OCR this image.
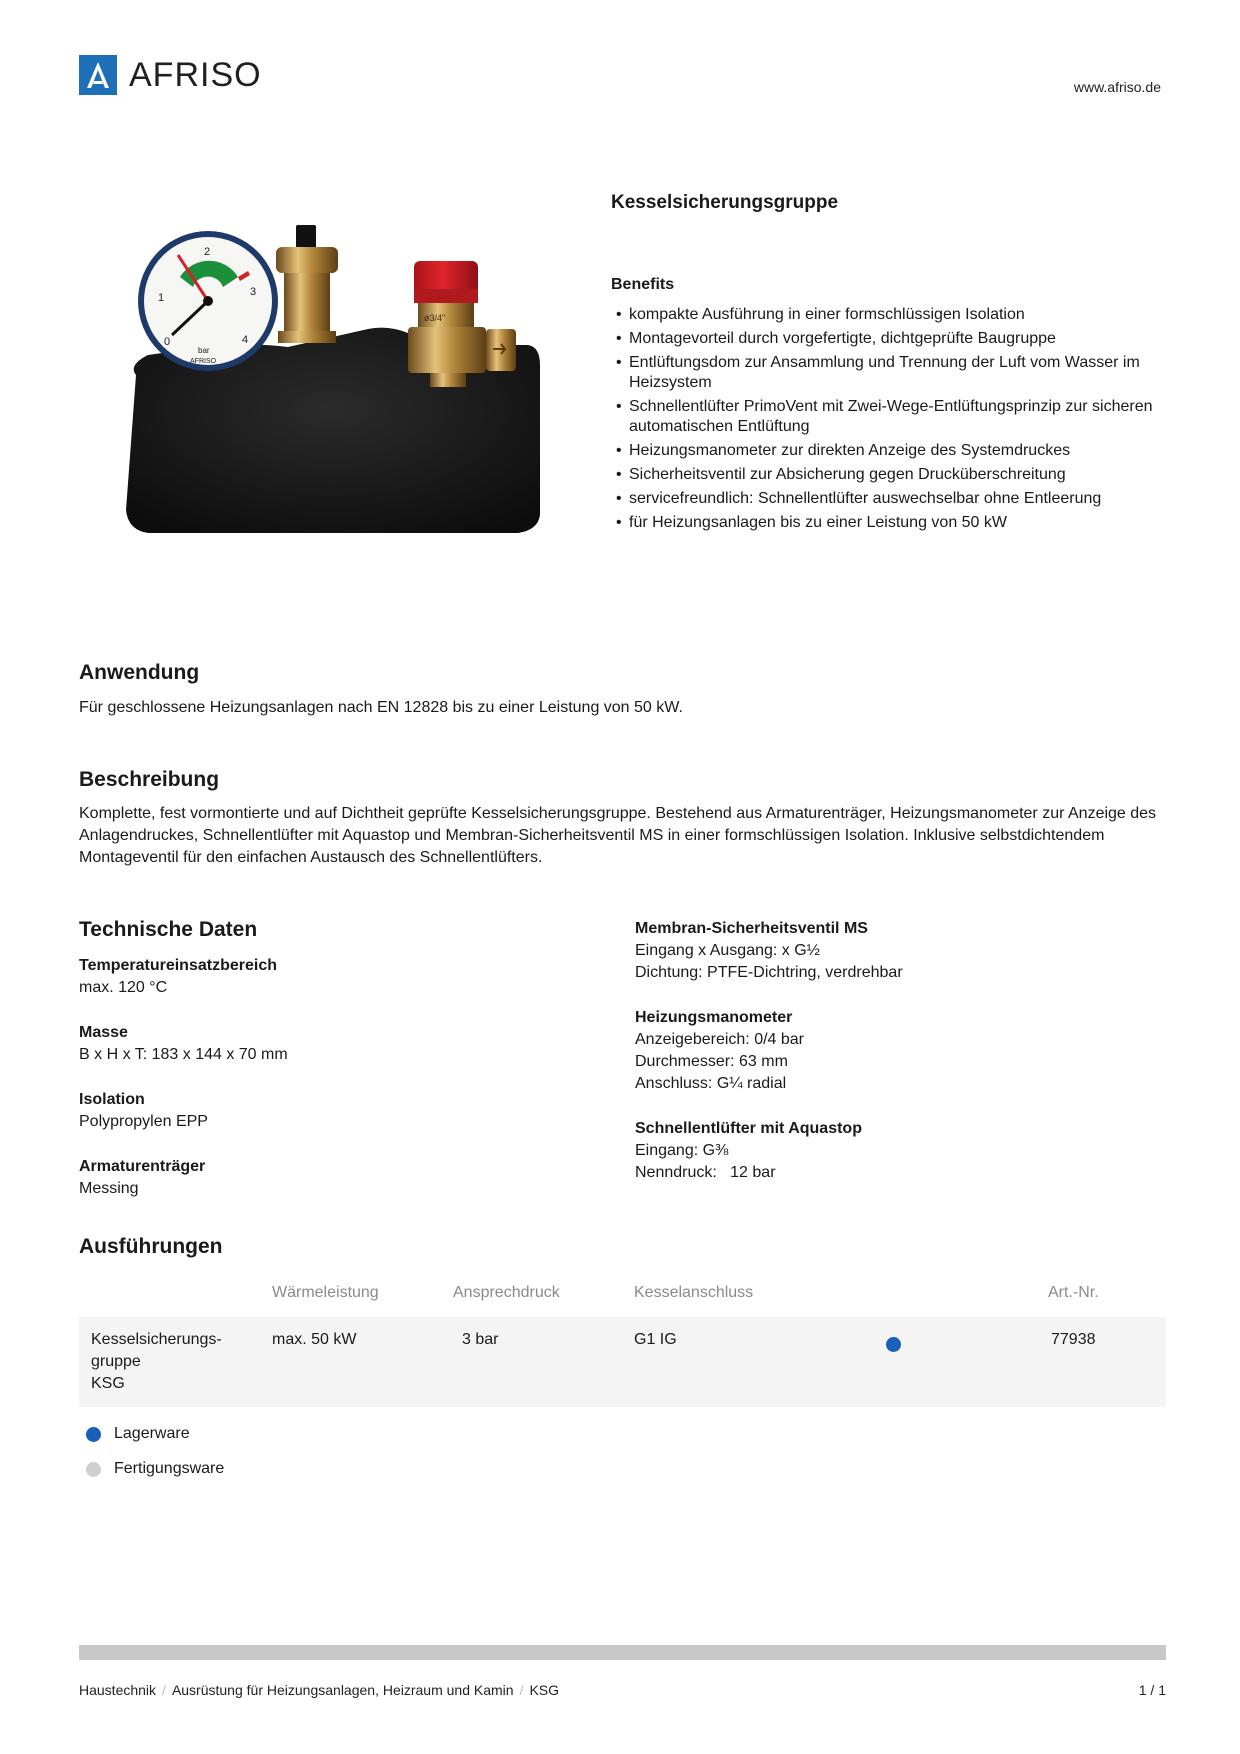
AFRISO	www.afriso.de
0
1
2
3
4
bar
AFRISO
ø3/4"
Kesselsicherungsgruppe
Benefits
• kompakte Ausführung in einer formschlüssigen Isolation
• Montagevorteil durch vorgefertigte, dichtgeprüfte Baugruppe
• Entlüftungsdom zur Ansammlung und Trennung der Luft vom Wasser im Heizsystem
• Schnellentlüfter PrimoVent mit Zwei-Wege-Entlüftungsprinzip zur sicheren automatischen Entlüftung
• Heizungsmanometer zur direkten Anzeige des Systemdruckes
• Sicherheitsventil zur Absicherung gegen Drucküberschreitung
• servicefreundlich: Schnellentlüfter auswechselbar ohne Entleerung
• für Heizungsanlagen bis zu einer Leistung von 50 kW
Anwendung
Für geschlossene Heizungsanlagen nach EN 12828 bis zu einer Leistung von 50 kW.
Beschreibung
Komplette, fest vormontierte und auf Dichtheit geprüfte Kesselsicherungsgruppe. Bestehend aus Armaturenträger, Heizungsmanometer zur Anzeige des Anlagendruckes, Schnellentlüfter mit Aquastop und Membran-Sicherheitsventil MS in einer formschlüssigen Isolation. Inklusive selbstdichtendem Montageventil für den einfachen Austausch des Schnellentlüfters.
Technische Daten
Temperatureinsatzbereich
max. 120 °C
Masse
B x H x T: 183 x 144 x 70 mm
Isolation
Polypropylen EPP
Armaturenträger
Messing
Membran-Sicherheitsventil MS
Eingang x Ausgang: x G½
Dichtung: PTFE-Dichtring, verdrehbar
Heizungsmanometer
Anzeigebereich: 0/4 bar
Durchmesser: 63 mm
Anschluss: G¼ radial
Schnellentlüfter mit Aquastop
Eingang: G⅜
Nenndruck:   12 bar
Ausführungen
Wärmeleistung	Ansprechdruck	Kesselanschluss	Art.-Nr.
Kesselsicherungs-
gruppe
KSG
max. 50 kW	3 bar	G1 IG	77938
Lagerware
Fertigungsware
Haustechnik / Ausrüstung für Heizungsanlagen, Heizraum und Kamin / KSG	1 / 1
